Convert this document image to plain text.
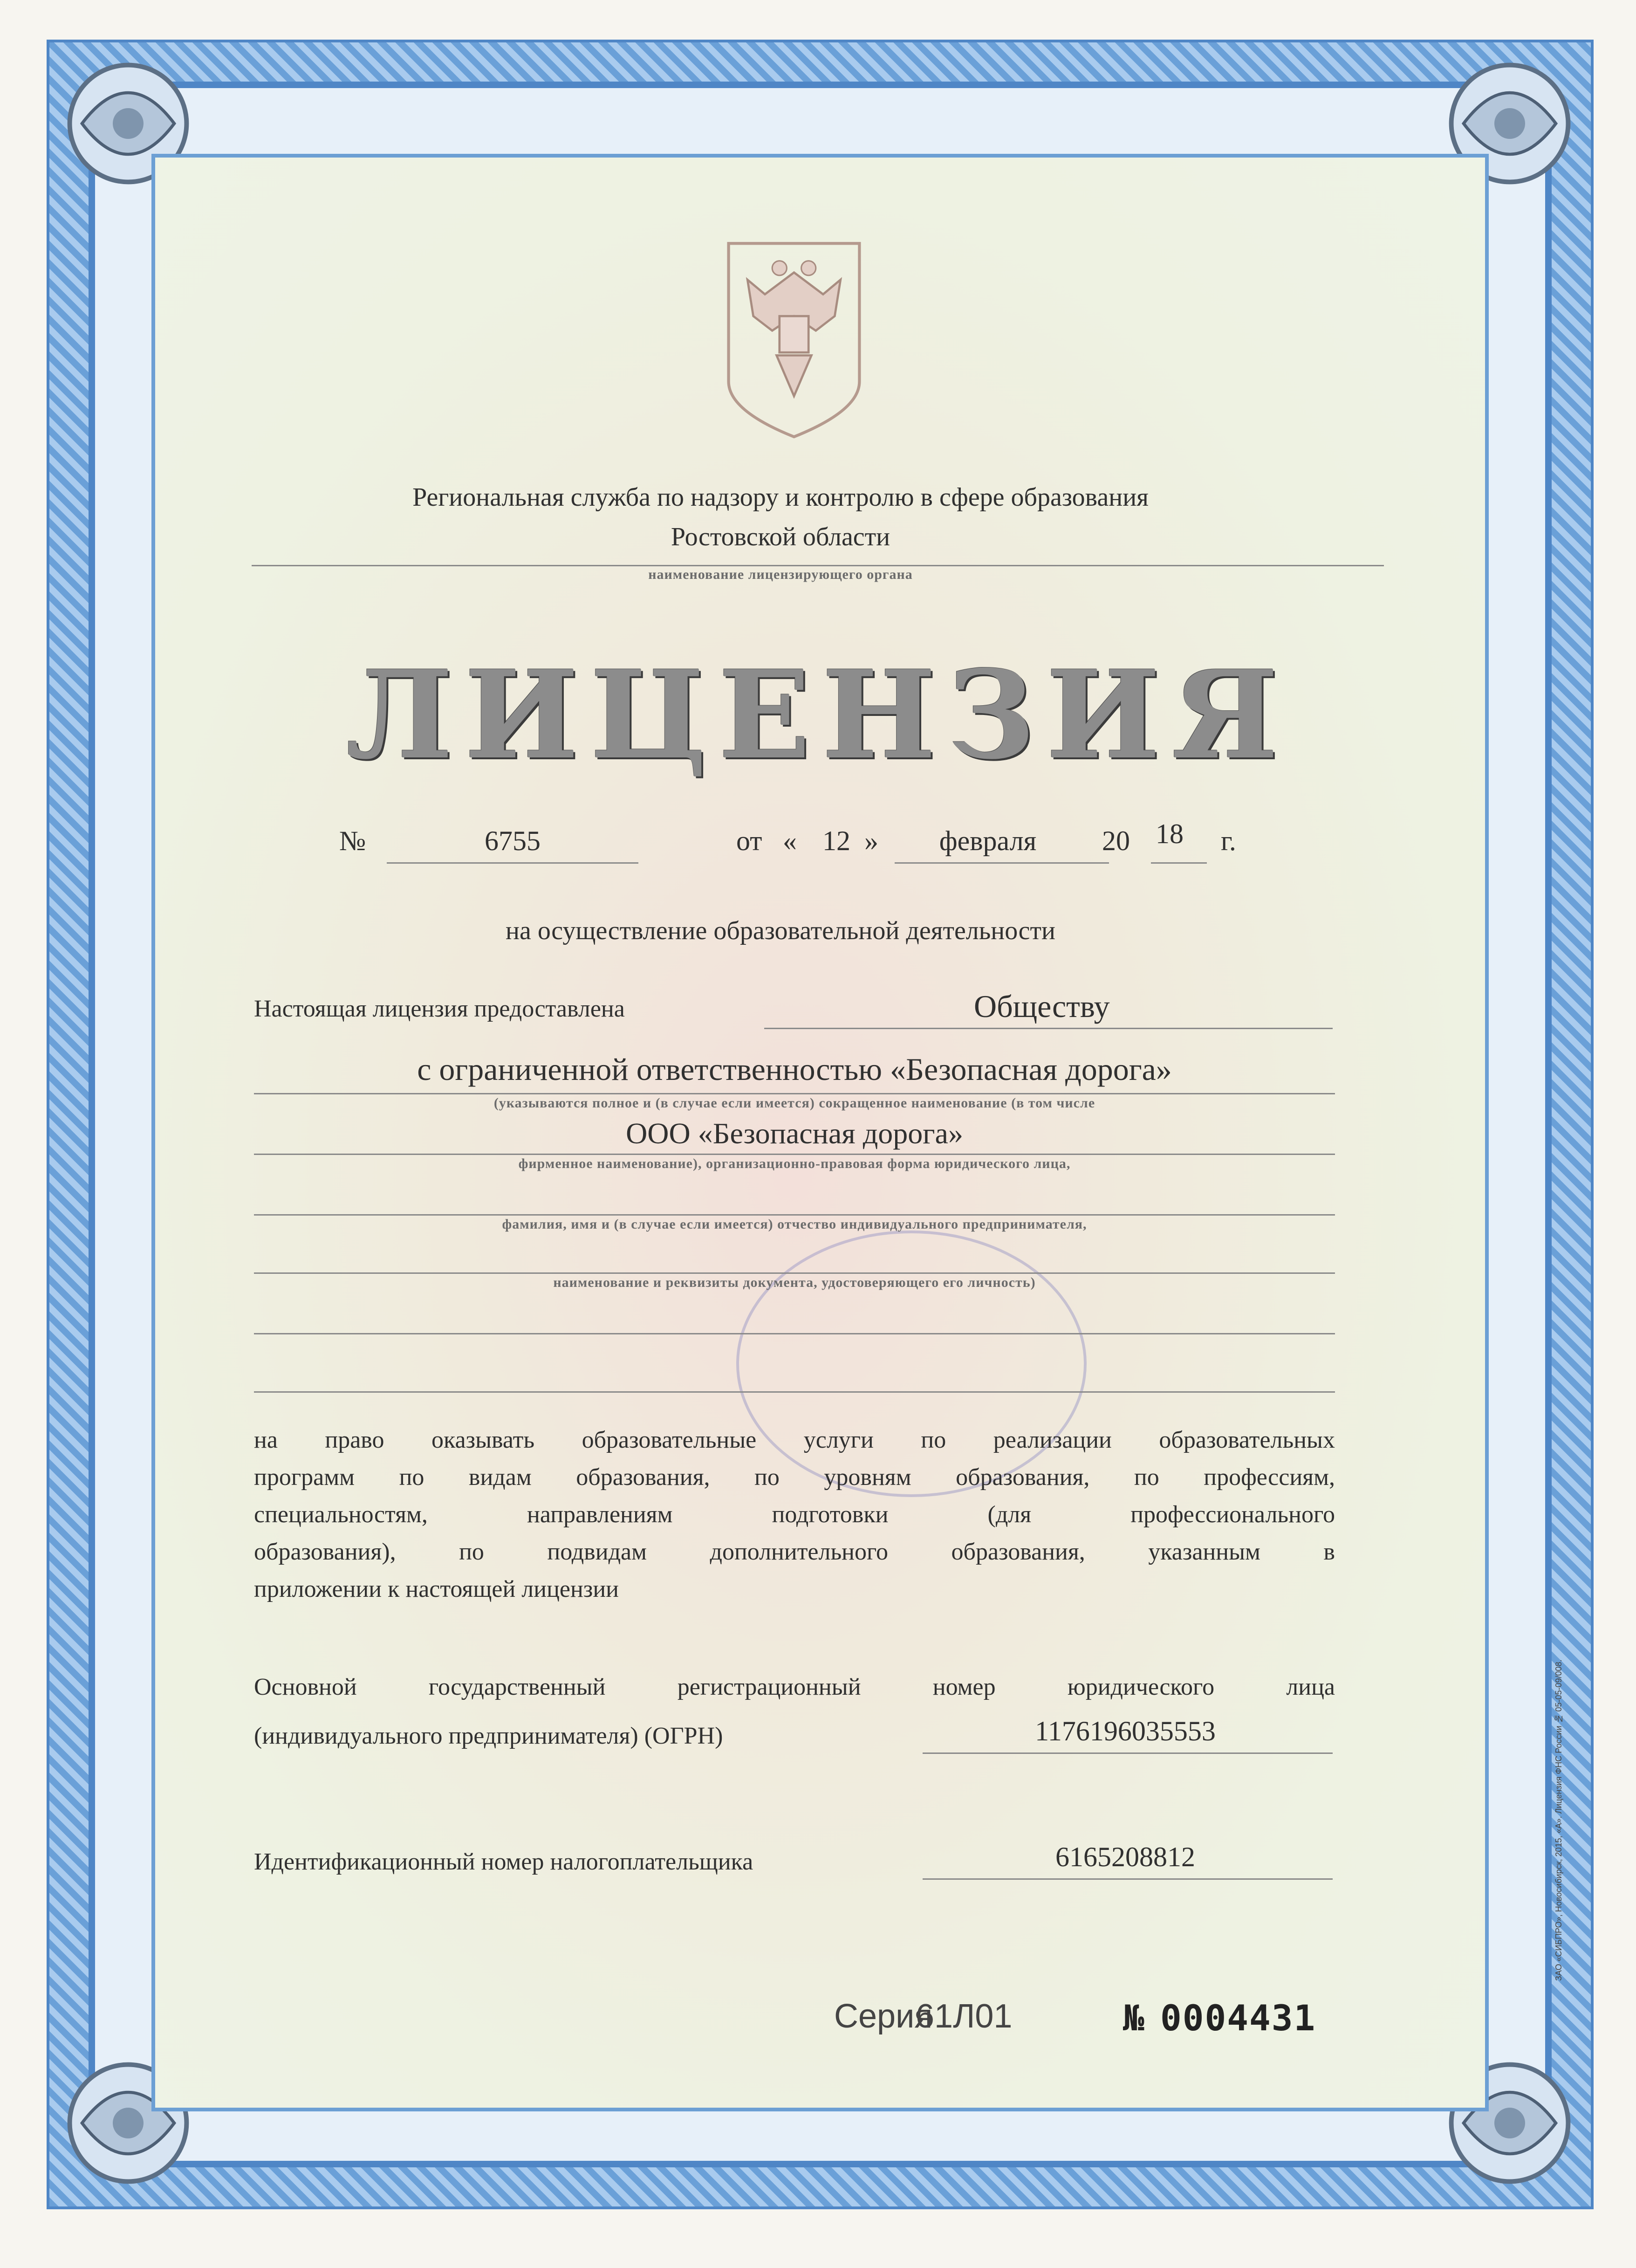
Региональная служба по надзору и контролю в сфере образования
Ростовской области
наименование лицензирующего органа
ЛИЦЕНЗИЯ
№	6755	от « 12 »	февраля	20 18 г.
на осуществление образовательной деятельности
Настоящая лицензия предоставлена	Обществу
с ограниченной ответственностью «Безопасная дорога»
(указываются полное и (в случае если имеется) сокращенное наименование (в том числе
ООО «Безопасная дорога»
фирменное наименование), организационно-правовая форма юридического лица,
фамилия, имя и (в случае если имеется) отчество индивидуального предпринимателя,
наименование и реквизиты документа, удостоверяющего его личность)
на право оказывать образовательные услуги по реализации образовательных
программ по видам образования, по уровням образования, по профессиям,
специальностям, направлениям подготовки (для профессионального
образования), по подвидам дополнительного образования, указанным в
приложении к настоящей лицензии
Основной государственный регистрационный номер юридического лица
(индивидуального предпринимателя) (ОГРН)	1176196035553
Идентификационный номер налогоплательщика	6165208812
Серия
61Л01	№ 0004431
ЗАО «СИБПРО», Новосибирск, 2015, «А». Лицензия ФНС России № 05-05-09/008.
